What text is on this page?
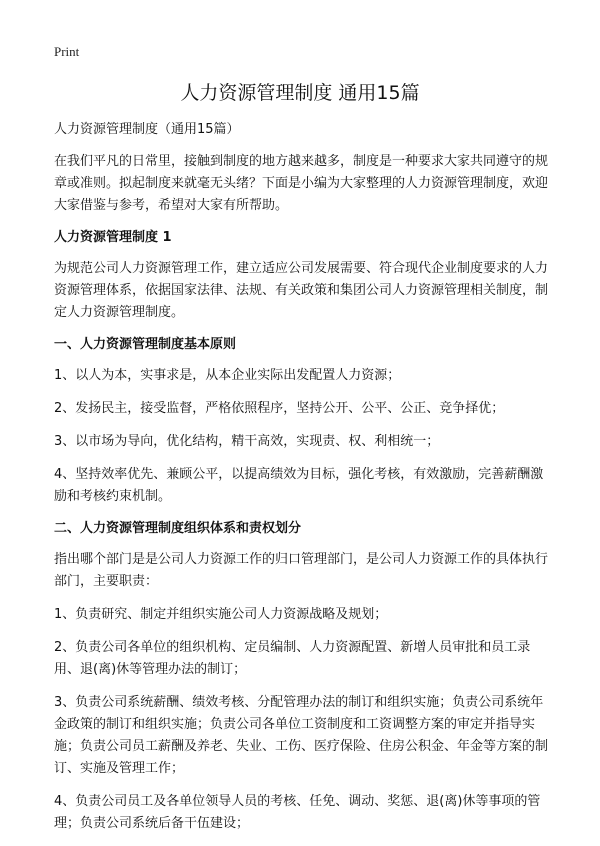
Print
人力资源管理制度 通用15篇
人力资源管理制度（通用15篇）

在我们平凡的日常里，接触到制度的地方越来越多，制度是一种要求大家共同遵守的规章或准则。拟起制度来就毫无头绪？下面是小编为大家整理的人力资源管理制度，欢迎大家借鉴与参考，希望对大家有所帮助。

人力资源管理制度 1

为规范公司人力资源管理工作，建立适应公司发展需要、符合现代企业制度要求的人力资源管理体系，依据国家法律、法规、有关政策和集团公司人力资源管理相关制度，制定人力资源管理制度。

一、人力资源管理制度基本原则

1、以人为本，实事求是，从本企业实际出发配置人力资源；

2、发扬民主，接受监督，严格依照程序，坚持公开、公平、公正、竞争择优；

3、以市场为导向，优化结构，精干高效，实现责、权、利相统一；

4、坚持效率优先、兼顾公平，以提高绩效为目标，强化考核，有效激励，完善薪酬激励和考核约束机制。

二、人力资源管理制度组织体系和责权划分

指出哪个部门是是公司人力资源工作的归口管理部门，是公司人力资源工作的具体执行部门，主要职责：

1、负责研究、制定并组织实施公司人力资源战略及规划；

2、负责公司各单位的组织机构、定员编制、人力资源配置、新增人员审批和员工录用、退(离)休等管理办法的制订；

3、负责公司系统薪酬、绩效考核、分配管理办法的制订和组织实施；负责公司系统年金政策的制订和组织实施；负责公司各单位工资制度和工资调整方案的审定并指导实施；负责公司员工薪酬及养老、失业、工伤、医疗保险、住房公积金、年金等方案的制订、实施及管理工作；

4、负责公司员工及各单位领导人员的考核、任免、调动、奖惩、退(离)休等事项的管理；负责公司系统后备干伍建设；
